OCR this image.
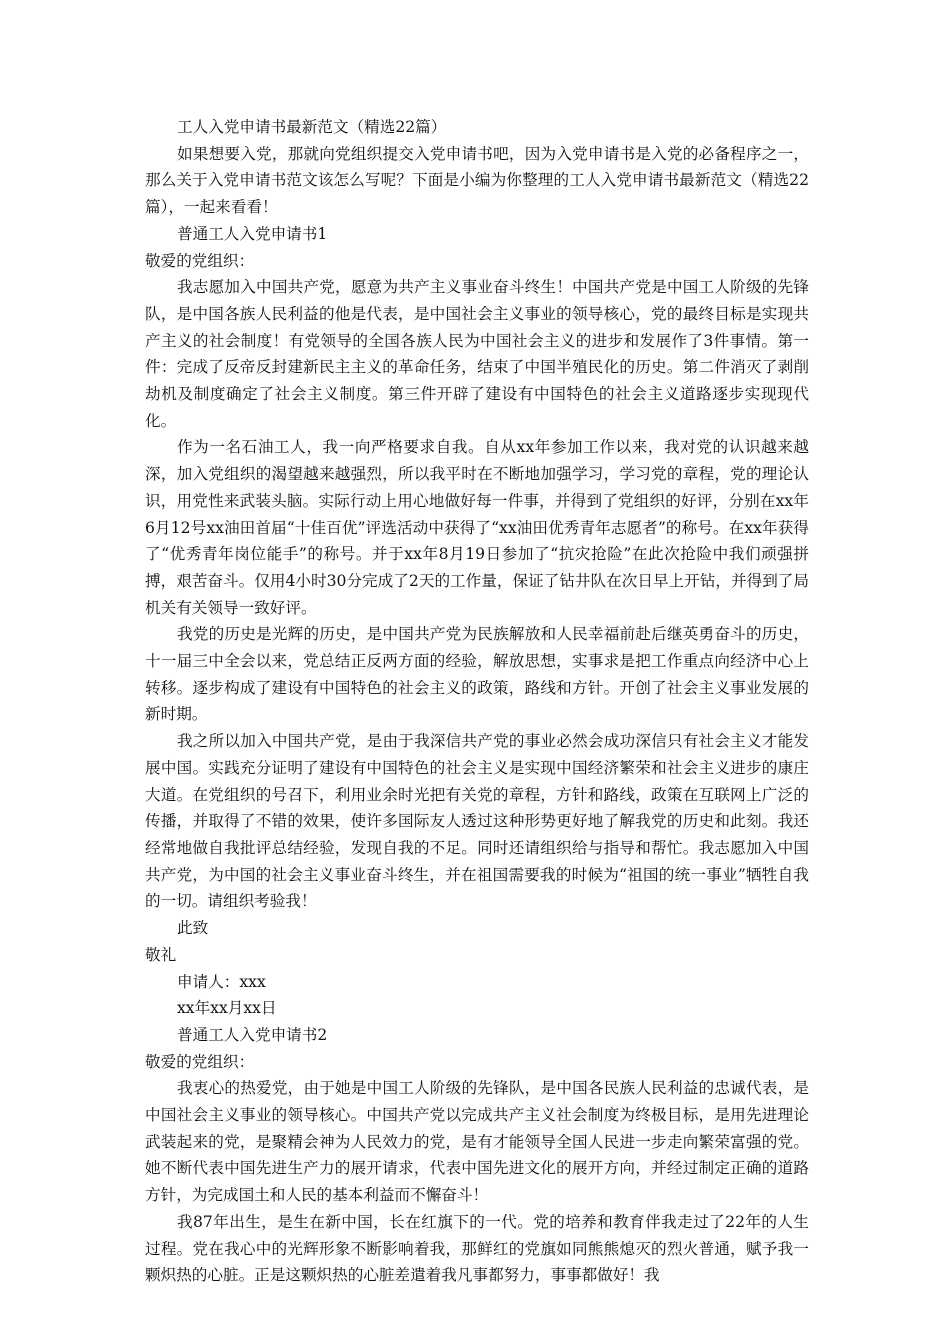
工人入党申请书最新范文（精选22篇）

如果想要入党，那就向党组织提交入党申请书吧，因为入党申请书是入党的必备程序之一，那么关于入党申请书范文该怎么写呢？下面是小编为你整理的工人入党申请书最新范文（精选22篇），一起来看看！

普通工人入党申请书1

敬爱的党组织：

我志愿加入中国共产党，愿意为共产主义事业奋斗终生！中国共产党是中国工人阶级的先锋队，是中国各族人民利益的他是代表，是中国社会主义事业的领导核心，党的最终目标是实现共产主义的社会制度！有党领导的全国各族人民为中国社会主义的进步和发展作了3件事情。第一件：完成了反帝反封建新民主主义的革命任务，结束了中国半殖民化的历史。第二件消灭了剥削劫机及制度确定了社会主义制度。第三件开辟了建设有中国特色的社会主义道路逐步实现现代化。

作为一名石油工人，我一向严格要求自我。自从xx年参加工作以来，我对党的认识越来越深，加入党组织的渴望越来越强烈，所以我平时在不断地加强学习，学习党的章程，党的理论认识，用党性来武装头脑。实际行动上用心地做好每一件事，并得到了党组织的好评，分别在xx年6月12号xx油田首届“十佳百优”评选活动中获得了“xx油田优秀青年志愿者”的称号。在xx年获得了“优秀青年岗位能手”的称号。并于xx年8月19日参加了“抗灾抢险”在此次抢险中我们顽强拼搏，艰苦奋斗。仅用4小时30分完成了2天的工作量，保证了钻井队在次日早上开钻，并得到了局机关有关领导一致好评。

我党的历史是光辉的历史，是中国共产党为民族解放和人民幸福前赴后继英勇奋斗的历史，十一届三中全会以来，党总结正反两方面的经验，解放思想，实事求是把工作重点向经济中心上转移。逐步构成了建设有中国特色的社会主义的政策，路线和方针。开创了社会主义事业发展的新时期。

我之所以加入中国共产党，是由于我深信共产党的事业必然会成功深信只有社会主义才能发展中国。实践充分证明了建设有中国特色的社会主义是实现中国经济繁荣和社会主义进步的康庄大道。在党组织的号召下，利用业余时光把有关党的章程，方针和路线，政策在互联网上广泛的传播，并取得了不错的效果，使许多国际友人透过这种形势更好地了解我党的历史和此刻。我还经常地做自我批评总结经验，发现自我的不足。同时还请组织给与指导和帮忙。我志愿加入中国共产党，为中国的社会主义事业奋斗终生，并在祖国需要我的时候为“祖国的统一事业”牺牲自我的一切。请组织考验我！

此致

敬礼

申请人：xxx

xx年xx月xx日

普通工人入党申请书2

敬爱的党组织：

我衷心的热爱党，由于她是中国工人阶级的先锋队，是中国各民族人民利益的忠诚代表，是中国社会主义事业的领导核心。中国共产党以完成共产主义社会制度为终极目标，是用先进理论武装起来的党，是聚精会神为人民效力的党，是有才能领导全国人民进一步走向繁荣富强的党。她不断代表中国先进生产力的展开请求，代表中国先进文化的展开方向，并经过制定正确的道路方针，为完成国土和人民的基本利益而不懈奋斗！

我87年出生，是生在新中国，长在红旗下的一代。党的培养和教育伴我走过了22年的人生过程。党在我心中的光辉形象不断影响着我，那鲜红的党旗如同熊熊熄灭的烈火普通，赋予我一颗炽热的心脏。正是这颗炽热的心脏差遣着我凡事都努力，事事都做好！我
